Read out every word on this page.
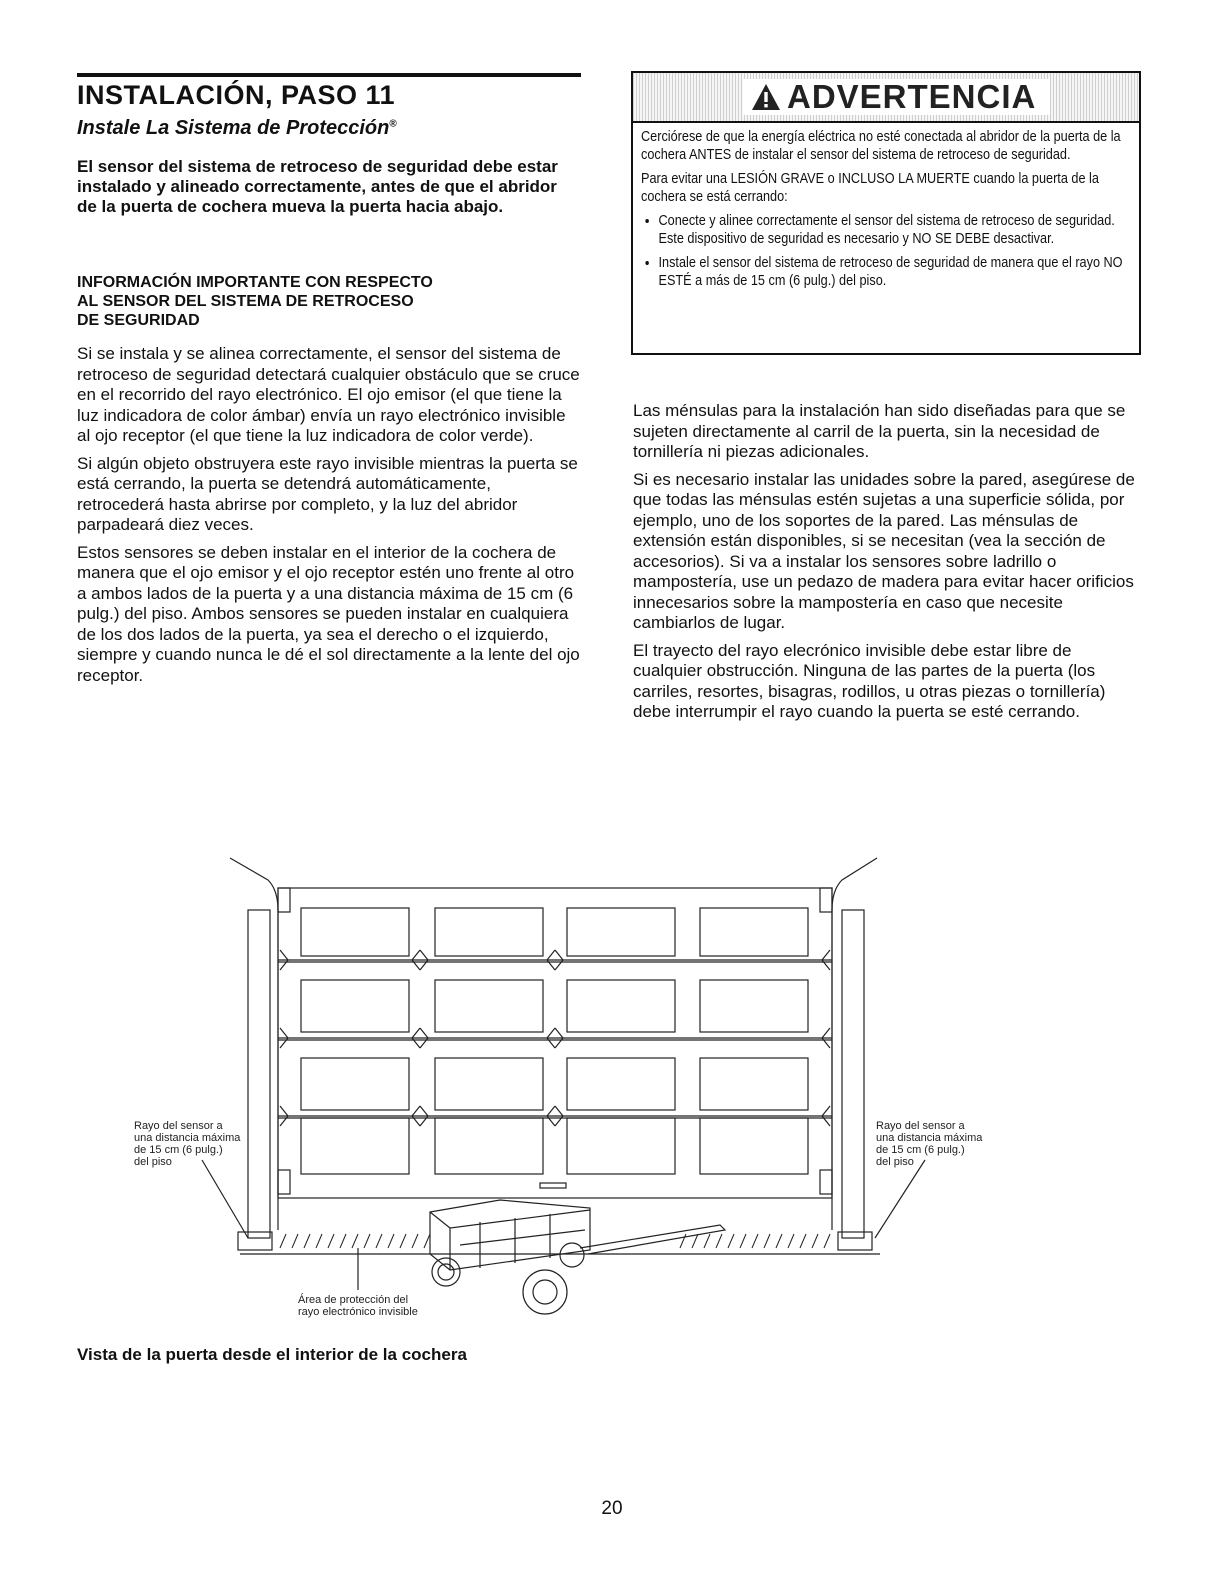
INSTALACIÓN, PASO 11
Instale La Sistema de Protección®

El sensor del sistema de retroceso de seguridad debe estar instalado y alineado correctamente, antes de que el abridor de la puerta de cochera mueva la puerta hacia abajo.

INFORMACIÓN IMPORTANTE CON RESPECTO
AL SENSOR DEL SISTEMA DE RETROCESO
DE SEGURIDAD

Si se instala y se alinea correctamente, el sensor del sistema de retroceso de seguridad detectará cualquier obstáculo que se cruce en el recorrido del rayo electrónico. El ojo emisor (el que tiene la luz indicadora de color ámbar) envía un rayo electrónico invisible al ojo receptor (el que tiene la luz indicadora de color verde).

Si algún objeto obstruyera este rayo invisible mientras la puerta se está cerrando, la puerta se detendrá automáticamente, retrocederá hasta abrirse por completo, y la luz del abridor parpadeará diez veces.

Estos sensores se deben instalar en el interior de la cochera de manera que el ojo emisor y el ojo receptor estén uno frente al otro a ambos lados de la puerta y a una distancia máxima de 15 cm (6 pulg.) del piso. Ambos sensores se pueden instalar en cualquiera de los dos lados de la puerta, ya sea el derecho o el izquierdo,

siempre y cuando nunca le dé el sol directamente a la lente del ojo receptor.

ADVERTENCIA

Cerciórese de que la energía eléctrica no esté conectada al abridor de la puerta de la cochera ANTES de instalar el sensor del sistema de retroceso de seguridad.

Para evitar una LESIÓN GRAVE o INCLUSO LA MUERTE cuando la puerta de la cochera se está cerrando:

• Conecte y alinee correctamente el sensor del sistema de retroceso de seguridad. Este dispositivo de seguridad es necesario y NO SE DEBE desactivar.
• Instale el sensor del sistema de retroceso de seguridad de manera que el rayo NO ESTÉ a más de 15 cm (6 pulg.) del piso.

Las ménsulas para la instalación han sido diseñadas para que se sujeten directamente al carril de la puerta, sin la necesidad de tornillería ni piezas adicionales.

Si es necesario instalar las unidades sobre la pared, asegúrese de que todas las ménsulas estén sujetas a una superficie sólida, por ejemplo, uno de los soportes de la pared. Las ménsulas de extensión están disponibles, si se necesitan (vea la sección de accesorios). Si va a instalar los sensores sobre ladrillo o mampostería, use un pedazo de madera para evitar hacer orificios innecesarios sobre la mampostería en caso que necesite cambiarlos de lugar.

El trayecto del rayo elecrónico invisible debe estar libre de cualquier obstrucción. Ninguna de las partes de la puerta (los carriles, resortes, bisagras, rodillos, u otras piezas o tornillería) debe interrumpir el rayo cuando la puerta se esté cerrando.

Rayo del sensor a
una distancia máxima
de 15 cm (6 pulg.)
del piso
Rayo del sensor a
una distancia máxima
de 15 cm (6 pulg.)
del piso
Área de protección del
rayo electrónico invisible

Vista de la puerta desde el interior de la cochera

20
